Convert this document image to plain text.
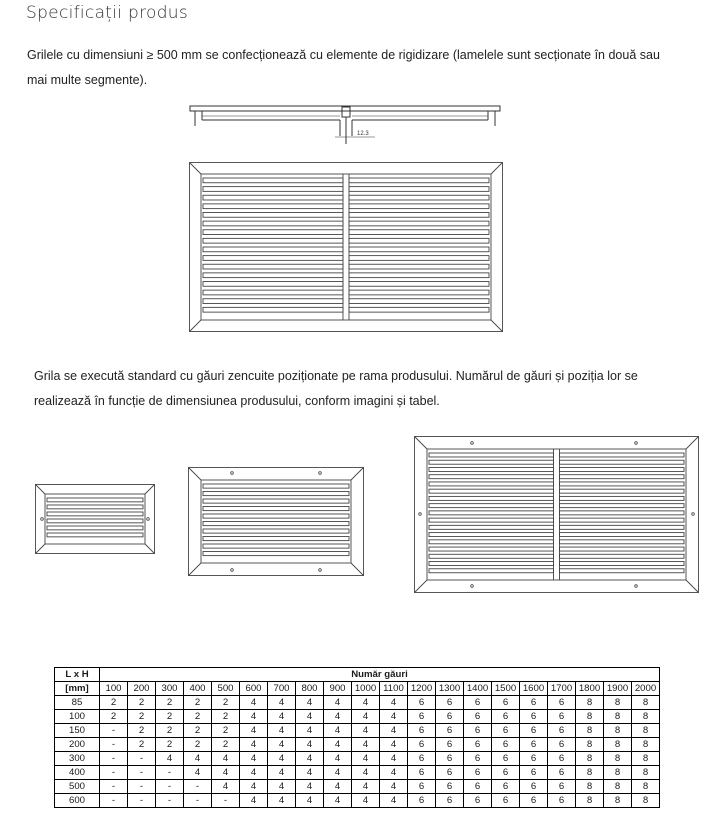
Specificații produs
Grilele cu dimensiuni ≥ 500 mm se confecționează cu elemente de rigidizare (lamelele sunt secționate în două sau mai multe segmente).
12.3
Grila se execută standard cu găuri zencuite poziționate pe rama produsului. Numărul de găuri și poziția lor se realizează în funcție de dimensiunea produsului, conform imagini și tabel.
L x H	Număr găuri																			
[mm]	100	200	300	400	500	600	700	800	900	1000	1100	1200	1300	1400	1500	1600	1700	1800	1900	2000
85	2	2	2	2	2	4	4	4	4	4	4	6	6	6	6	6	6	8	8	8
100	2	2	2	2	2	4	4	4	4	4	4	6	6	6	6	6	6	8	8	8
150	-	2	2	2	2	4	4	4	4	4	4	6	6	6	6	6	6	8	8	8
200	-	2	2	2	2	4	4	4	4	4	4	6	6	6	6	6	6	8	8	8
300	-	-	4	4	4	4	4	4	4	4	4	6	6	6	6	6	6	8	8	8
400	-	-	-	4	4	4	4	4	4	4	4	6	6	6	6	6	6	8	8	8
500	-	-	-	-	4	4	4	4	4	4	4	6	6	6	6	6	6	8	8	8
600	-	-	-	-	-	4	4	4	4	4	4	6	6	6	6	6	6	8	8	8
